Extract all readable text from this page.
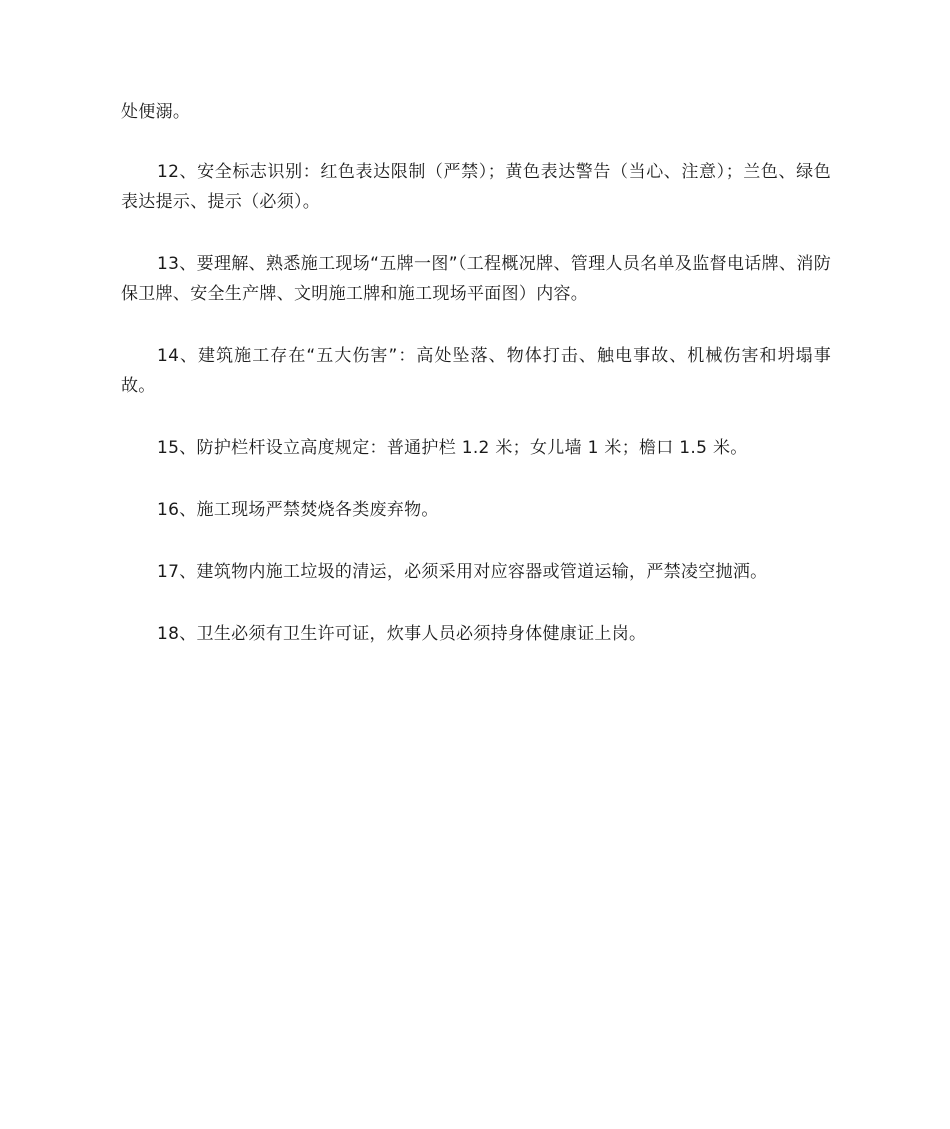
处便溺。

12、安全标志识别：红色表达限制（严禁）；黄色表达警告（当心、注意）；兰色、绿色表达提示、提示（必须）。

13、要理解、熟悉施工现场“五牌一图”（工程概况牌、管理人员名单及监督电话牌、消防保卫牌、安全生产牌、文明施工牌和施工现场平面图）内容。

14、建筑施工存在“五大伤害”：高处坠落、物体打击、触电事故、机械伤害和坍塌事故。

15、防护栏杆设立高度规定：普通护栏 1.2 米；女儿墙 1 米；檐口 1.5 米。

16、施工现场严禁焚烧各类废弃物。

17、建筑物内施工垃圾的清运，必须采用对应容器或管道运输，严禁凌空抛洒。

18、卫生必须有卫生许可证，炊事人员必须持身体健康证上岗。
